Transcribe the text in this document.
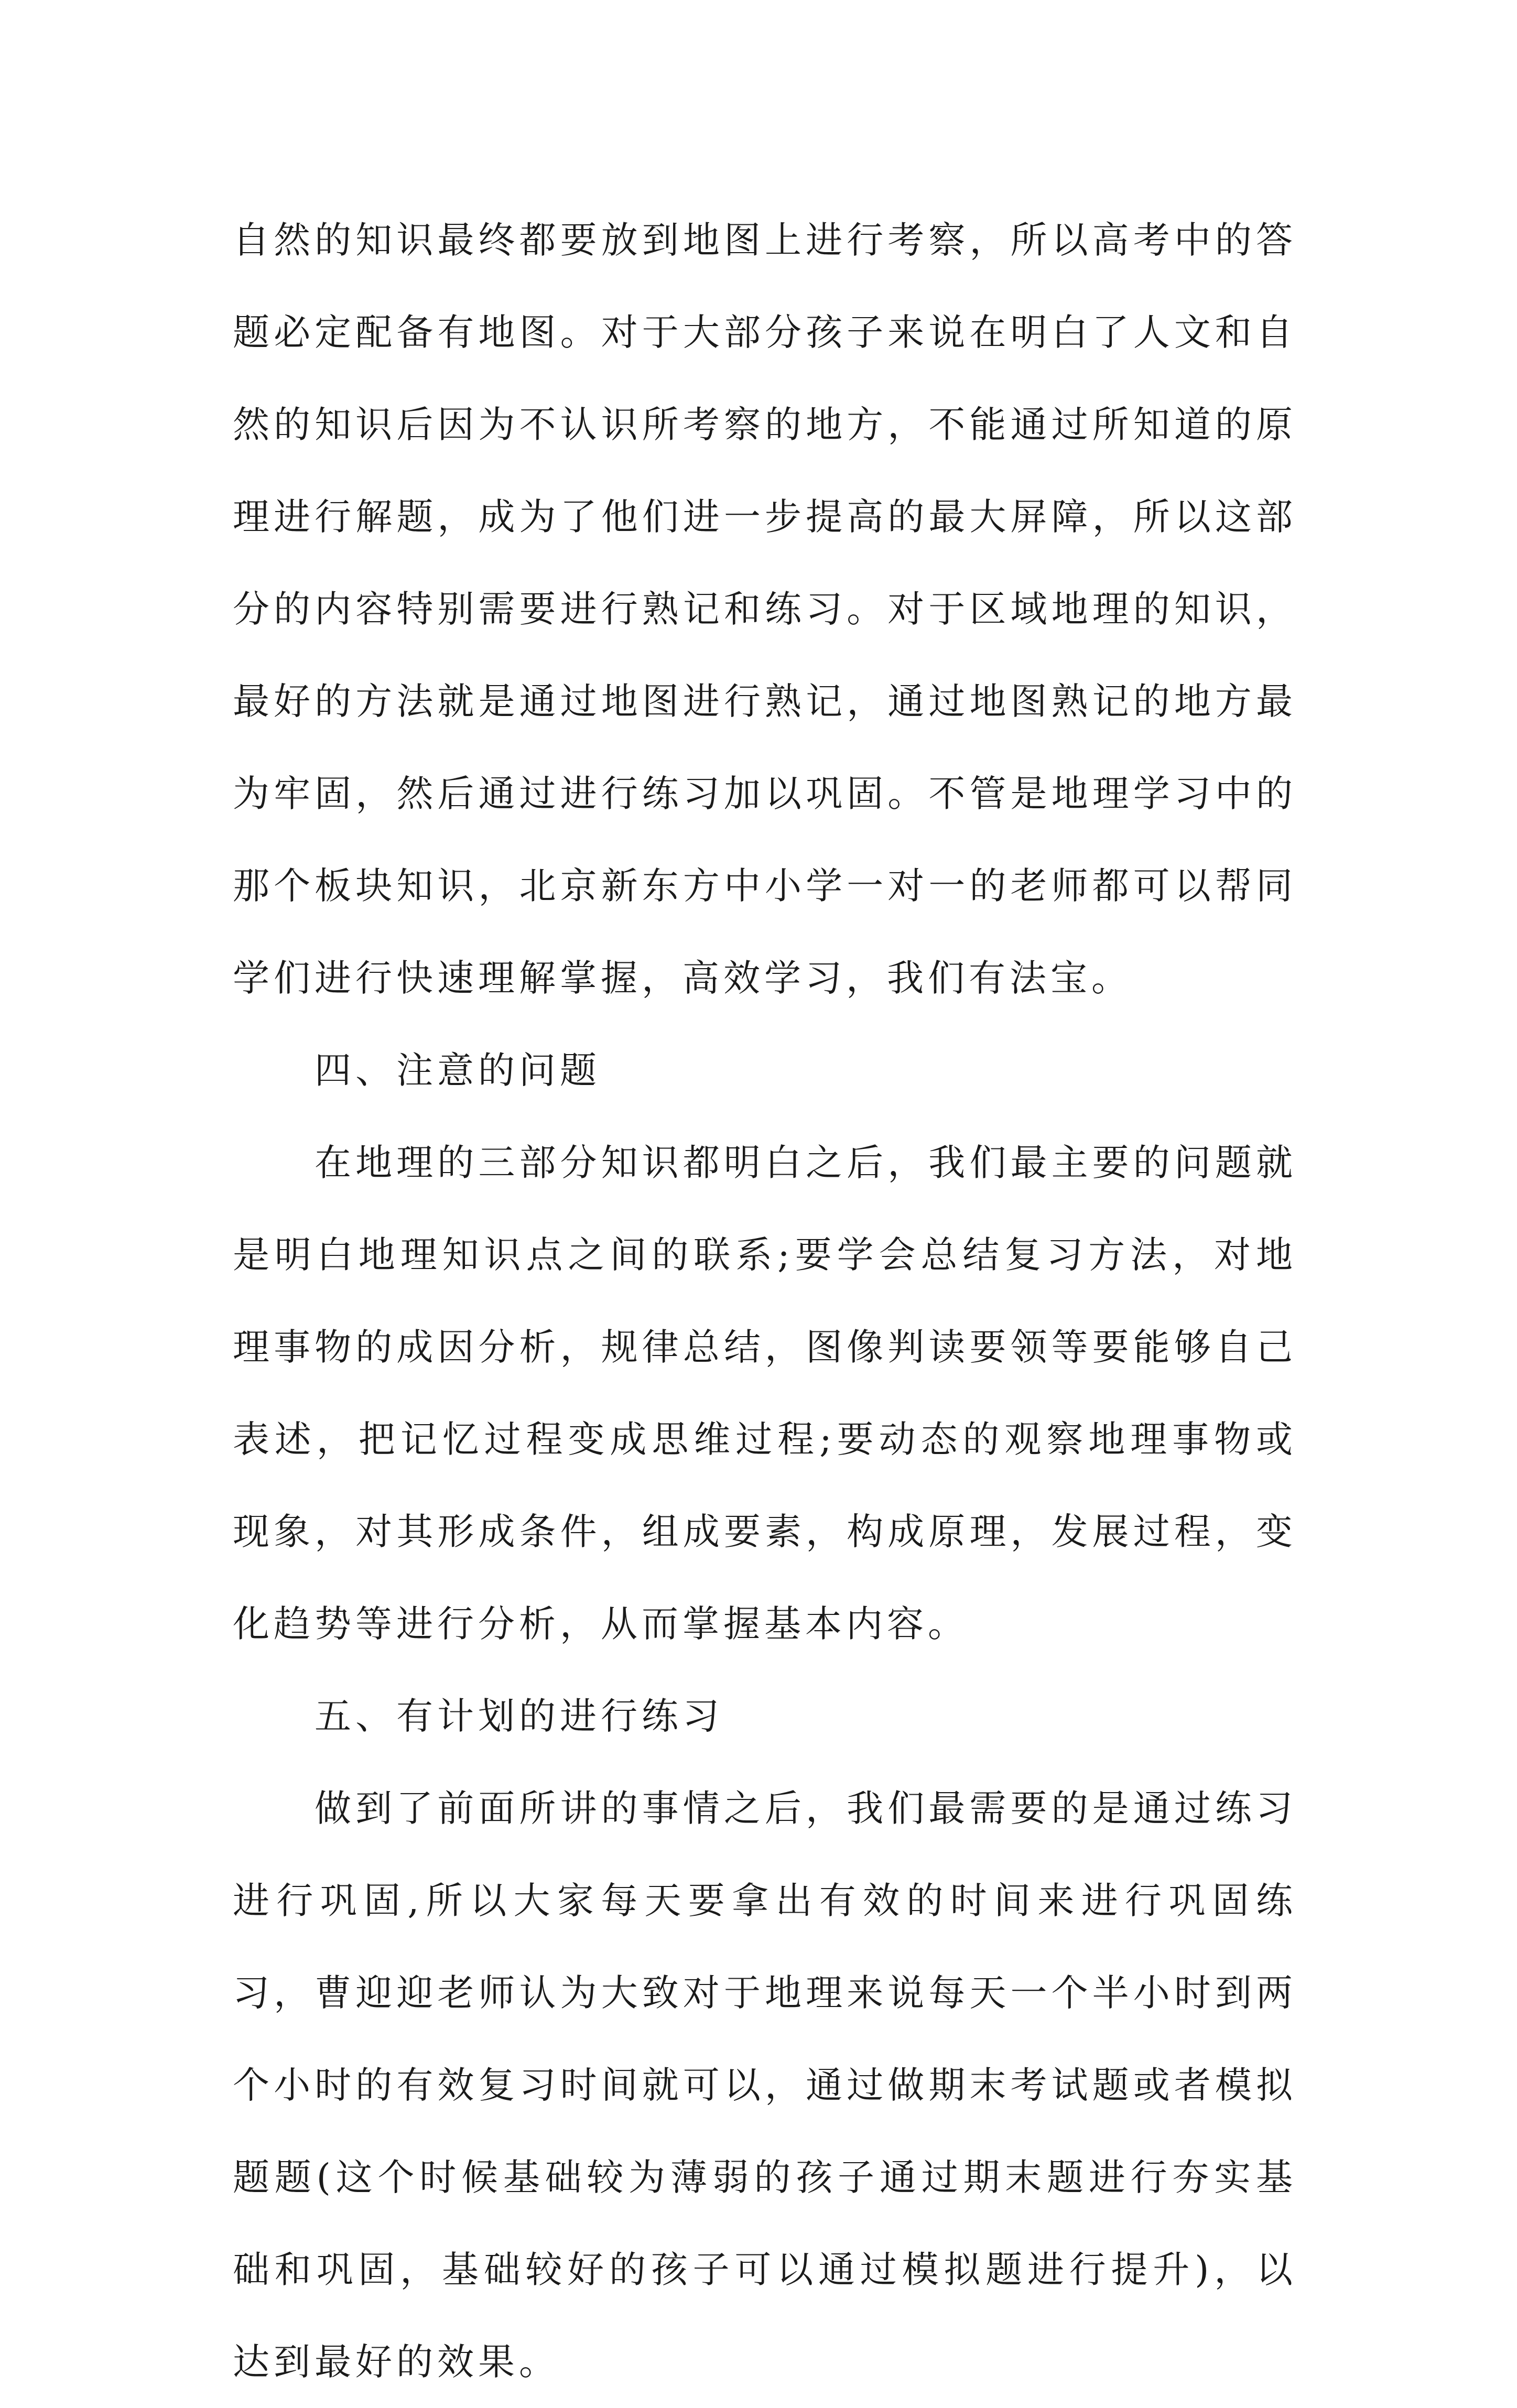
自然的知识最终都要放到地图上进行考察，所以高考中的答题必定配备有地图。对于大部分孩子来说在明白了人文和自然的知识后因为不认识所考察的地方，不能通过所知道的原理进行解题，成为了他们进一步提高的最大屏障，所以这部分的内容特别需要进行熟记和练习。对于区域地理的知识，最好的方法就是通过地图进行熟记，通过地图熟记的地方最为牢固，然后通过进行练习加以巩固。不管是地理学习中的那个板块知识，北京新东方中小学一对一的老师都可以帮同学们进行快速理解掌握，高效学习，我们有法宝。

四、注意的问题

在地理的三部分知识都明白之后，我们最主要的问题就是明白地理知识点之间的联系;要学会总结复习方法，对地理事物的成因分析，规律总结，图像判读要领等要能够自己表述，把记忆过程变成思维过程;要动态的观察地理事物或现象，对其形成条件，组成要素，构成原理，发展过程，变化趋势等进行分析，从而掌握基本内容。

五、有计划的进行练习

做到了前面所讲的事情之后，我们最需要的是通过练习进行巩固,所以大家每天要拿出有效的时间来进行巩固练习，曹迎迎老师认为大致对于地理来说每天一个半小时到两个小时的有效复习时间就可以，通过做期末考试题或者模拟题题(这个时候基础较为薄弱的孩子通过期末题进行夯实基础和巩固，基础较好的孩子可以通过模拟题进行提升)，以达到最好的效果。
